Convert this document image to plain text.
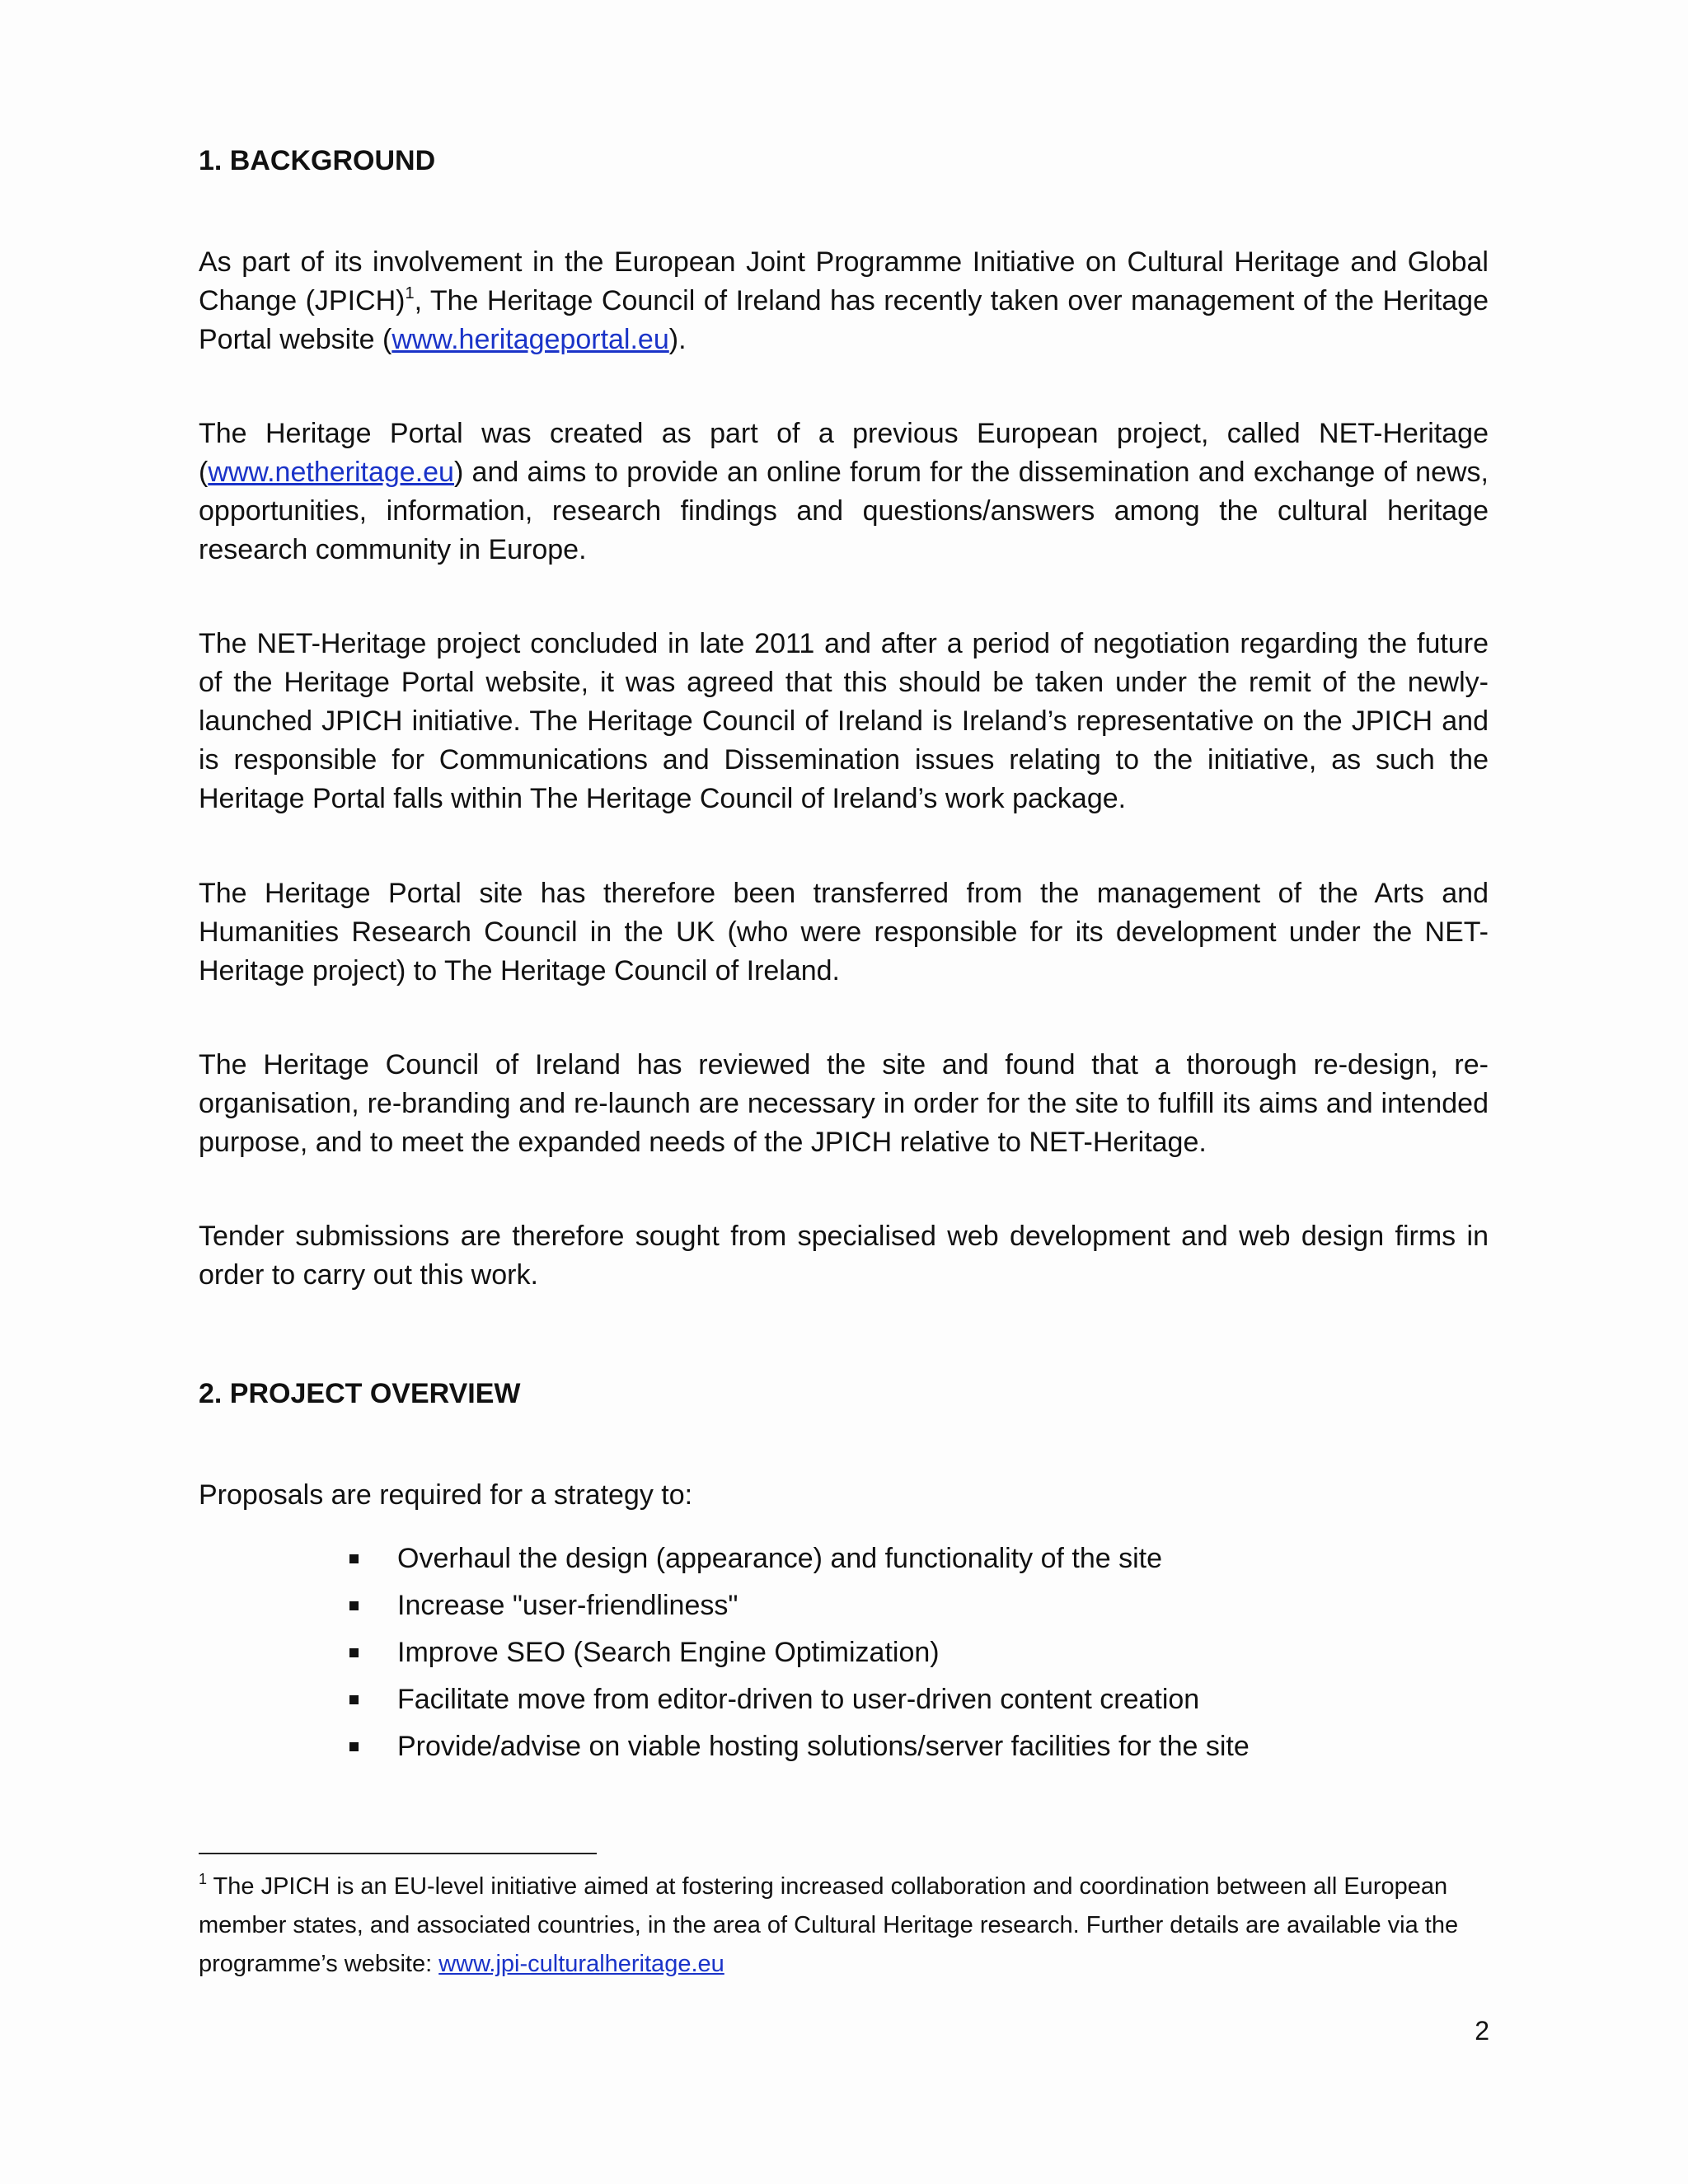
1. BACKGROUND

As part of its involvement in the European Joint Programme Initiative on Cultural Heritage and Global Change (JPICH)$^1$, The Heritage Council of Ireland has recently taken over management of the Heritage Portal website (www.heritageportal.eu).

The Heritage Portal was created as part of a previous European project, called NET-Heritage (www.netheritage.eu) and aims to provide an online forum for the dissemination and exchange of news, opportunities, information, research findings and questions/answers among the cultural heritage research community in Europe.

The NET-Heritage project concluded in late 2011 and after a period of negotiation regarding the future of the Heritage Portal website, it was agreed that this should be taken under the remit of the newly-launched JPICH initiative. The Heritage Council of Ireland is Ireland’s representative on the JPICH and is responsible for Communications and Dissemination issues relating to the initiative, as such the Heritage Portal falls within The Heritage Council of Ireland’s work package.

The Heritage Portal site has therefore been transferred from the management of the Arts and Humanities Research Council in the UK (who were responsible for its development under the NET-Heritage project) to The Heritage Council of Ireland.

The Heritage Council of Ireland has reviewed the site and found that a thorough re-design, re-organisation, re-branding and re-launch are necessary in order for the site to fulfill its aims and intended purpose, and to meet the expanded needs of the JPICH relative to NET-Heritage.

Tender submissions are therefore sought from specialised web development and web design firms in order to carry out this work.

2. PROJECT OVERVIEW

Proposals are required for a strategy to:

Overhaul the design (appearance) and functionality of the site
Increase "user-friendliness"
Improve SEO (Search Engine Optimization)
Facilitate move from editor-driven to user-driven content creation
Provide/advise on viable hosting solutions/server facilities for the site

$^1$ The JPICH is an EU-level initiative aimed at fostering increased collaboration and coordination between all European member states, and associated countries, in the area of Cultural Heritage research. Further details are available via the programme’s website: www.jpi-culturalheritage.eu

2
